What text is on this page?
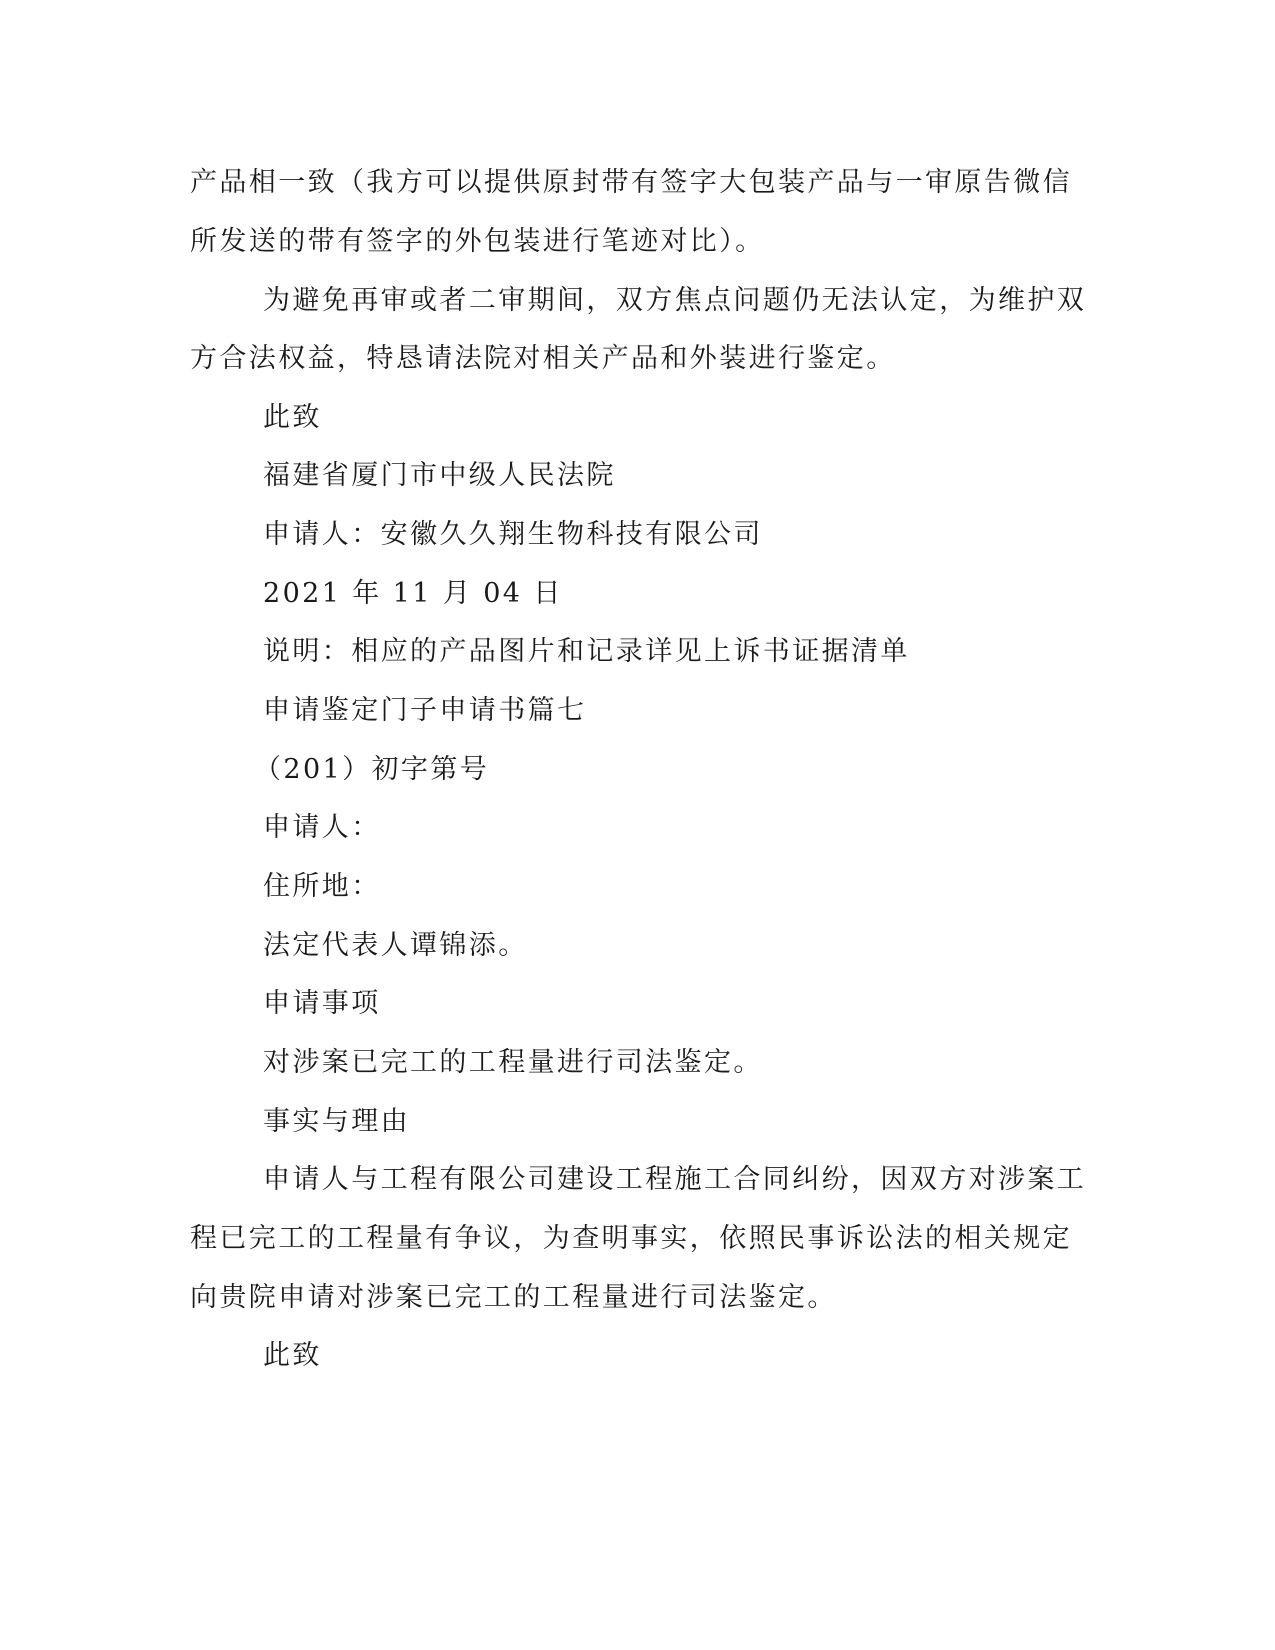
产品相一致（我方可以提供原封带有签字大包装产品与一审原告微信
所发送的带有签字的外包装进行笔迹对比）。
为避免再审或者二审期间，双方焦点问题仍无法认定，为维护双
方合法权益，特恳请法院对相关产品和外装进行鉴定。
此致
福建省厦门市中级人民法院
申请人：安徽久久翔生物科技有限公司
2021 年 11 月 04 日
说明：相应的产品图片和记录详见上诉书证据清单
申请鉴定门子申请书篇七
（201）初字第号
申请人：
住所地：
法定代表人谭锦添。
申请事项
对涉案已完工的工程量进行司法鉴定。
事实与理由
申请人与工程有限公司建设工程施工合同纠纷，因双方对涉案工
程已完工的工程量有争议，为查明事实，依照民事诉讼法的相关规定
向贵院申请对涉案已完工的工程量进行司法鉴定。
此致
